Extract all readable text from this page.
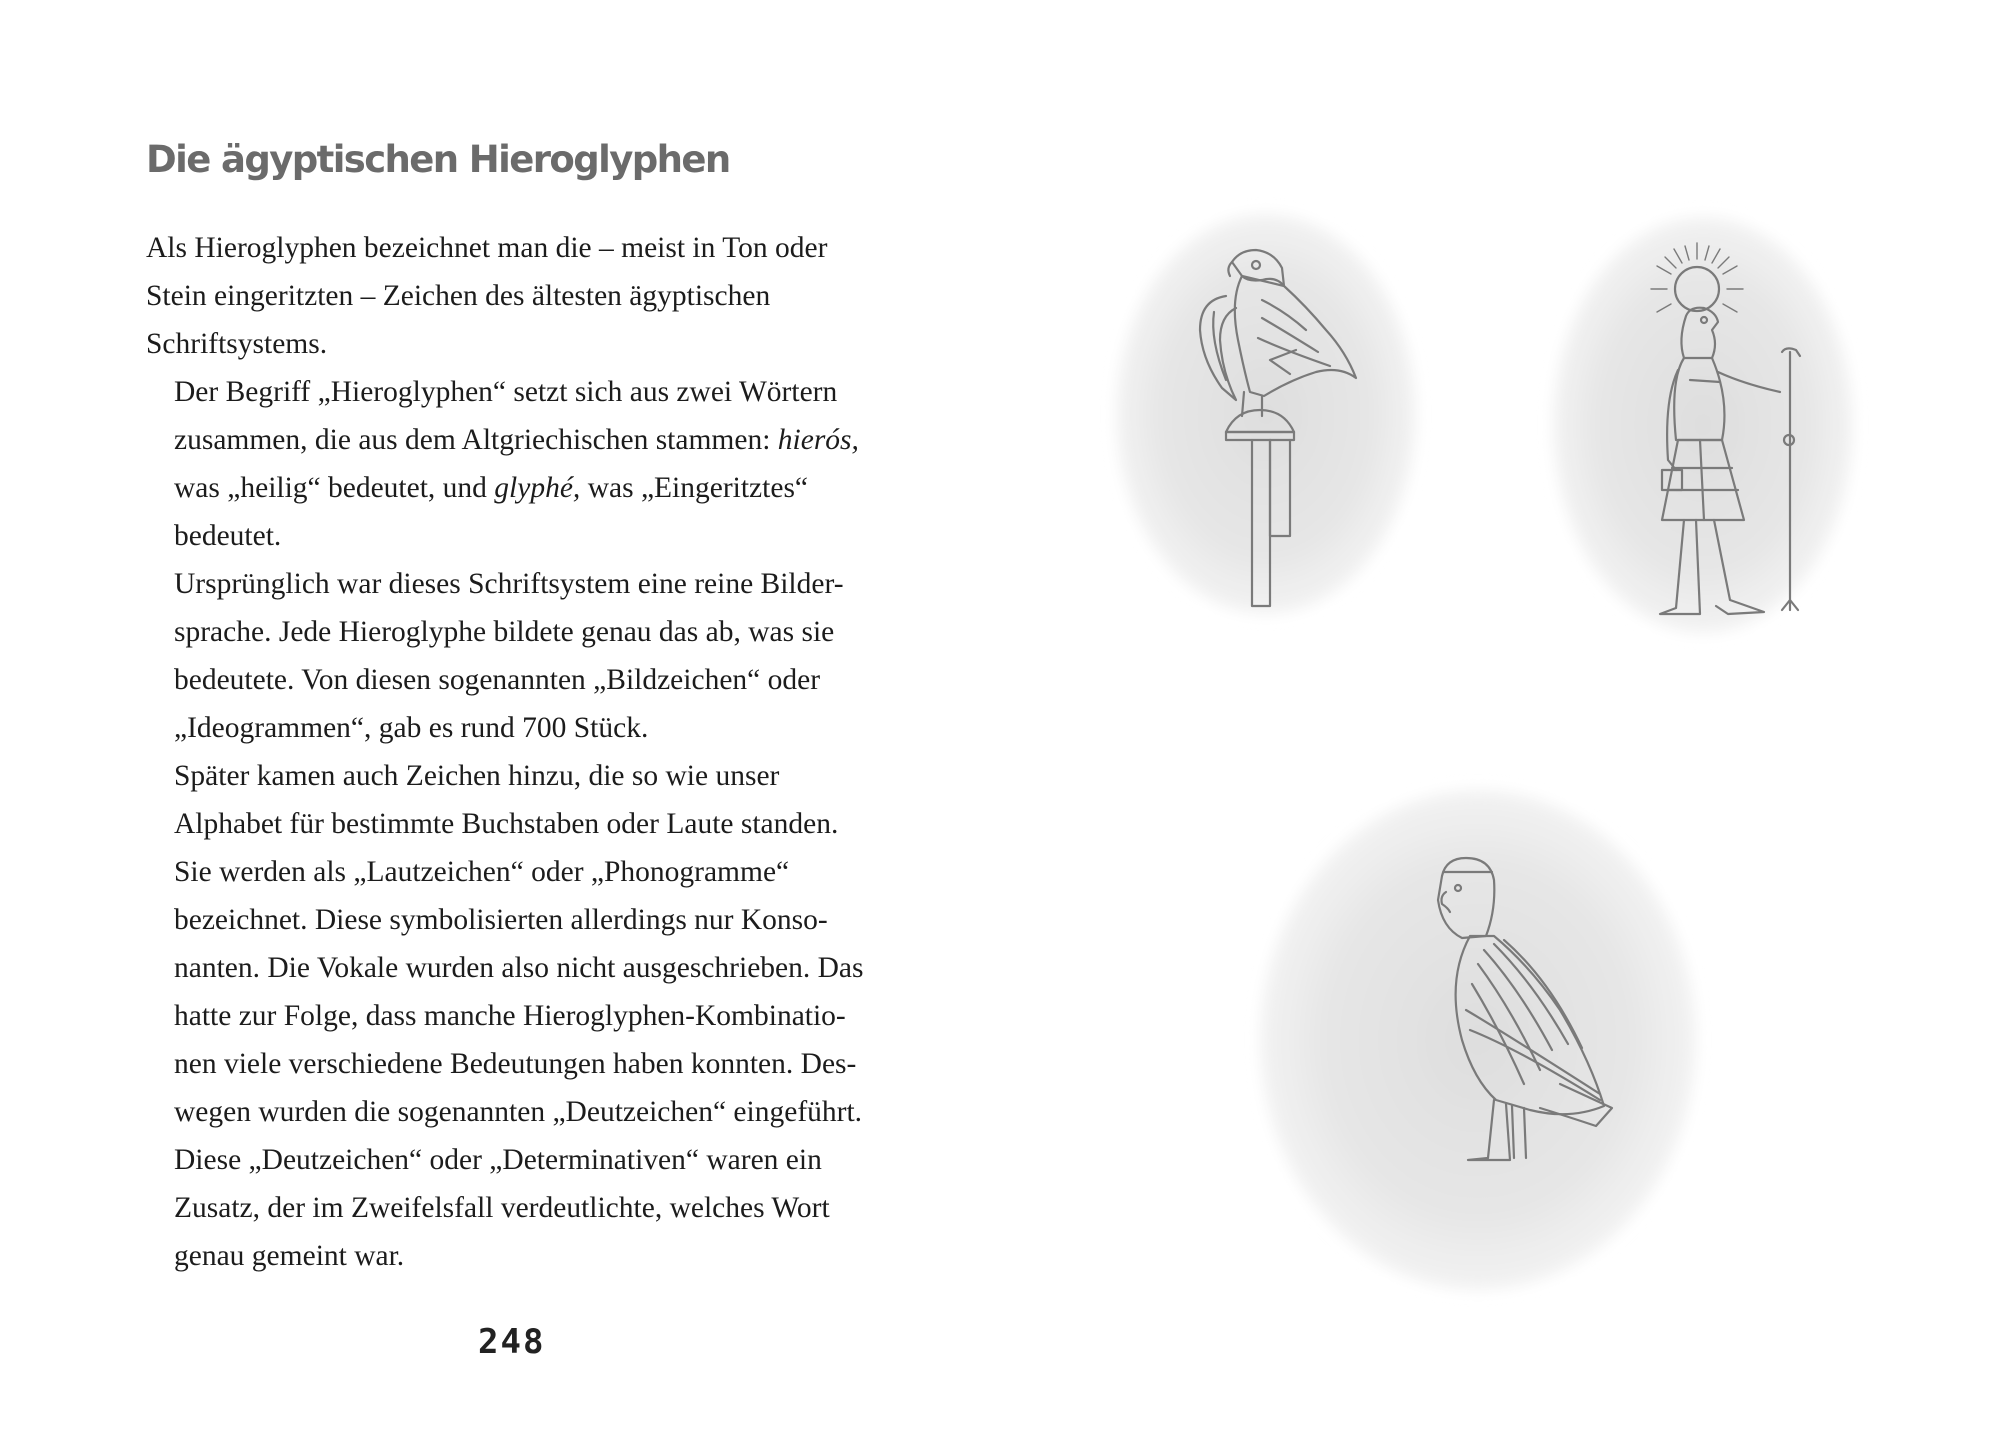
Die ägyptischen Hieroglyphen

Als Hieroglyphen bezeichnet man die – meist in Ton oder
Stein eingeritzten – Zeichen des ältesten ägyptischen
Schriftsystems.

Der Begriff „Hieroglyphen“ setzt sich aus zwei Wörtern
zusammen, die aus dem Altgriechischen stammen: hierós,
was „heilig“ bedeutet, und glyphé, was „Eingeritztes“
bedeutet.

Ursprünglich war dieses Schriftsystem eine reine Bilder-
sprache. Jede Hieroglyphe bildete genau das ab, was sie
bedeutete. Von diesen sogenannten „Bildzeichen“ oder
„Ideogrammen“, gab es rund 700 Stück.

Später kamen auch Zeichen hinzu, die so wie unser
Alphabet für bestimmte Buchstaben oder Laute standen.
Sie werden als „Lautzeichen“ oder „Phonogramme“
bezeichnet. Diese symbolisierten allerdings nur Konso-
nanten. Die Vokale wurden also nicht ausgeschrieben. Das
hatte zur Folge, dass manche Hieroglyphen-Kombinatio-
nen viele verschiedene Bedeutungen haben konnten. Des-
wegen wurden die sogenannten „Deutzeichen“ eingeführt.

Diese „Deutzeichen“ oder „Determinativen“ waren ein
Zusatz, der im Zweifelsfall verdeutlichte, welches Wort
genau gemeint war.

248
